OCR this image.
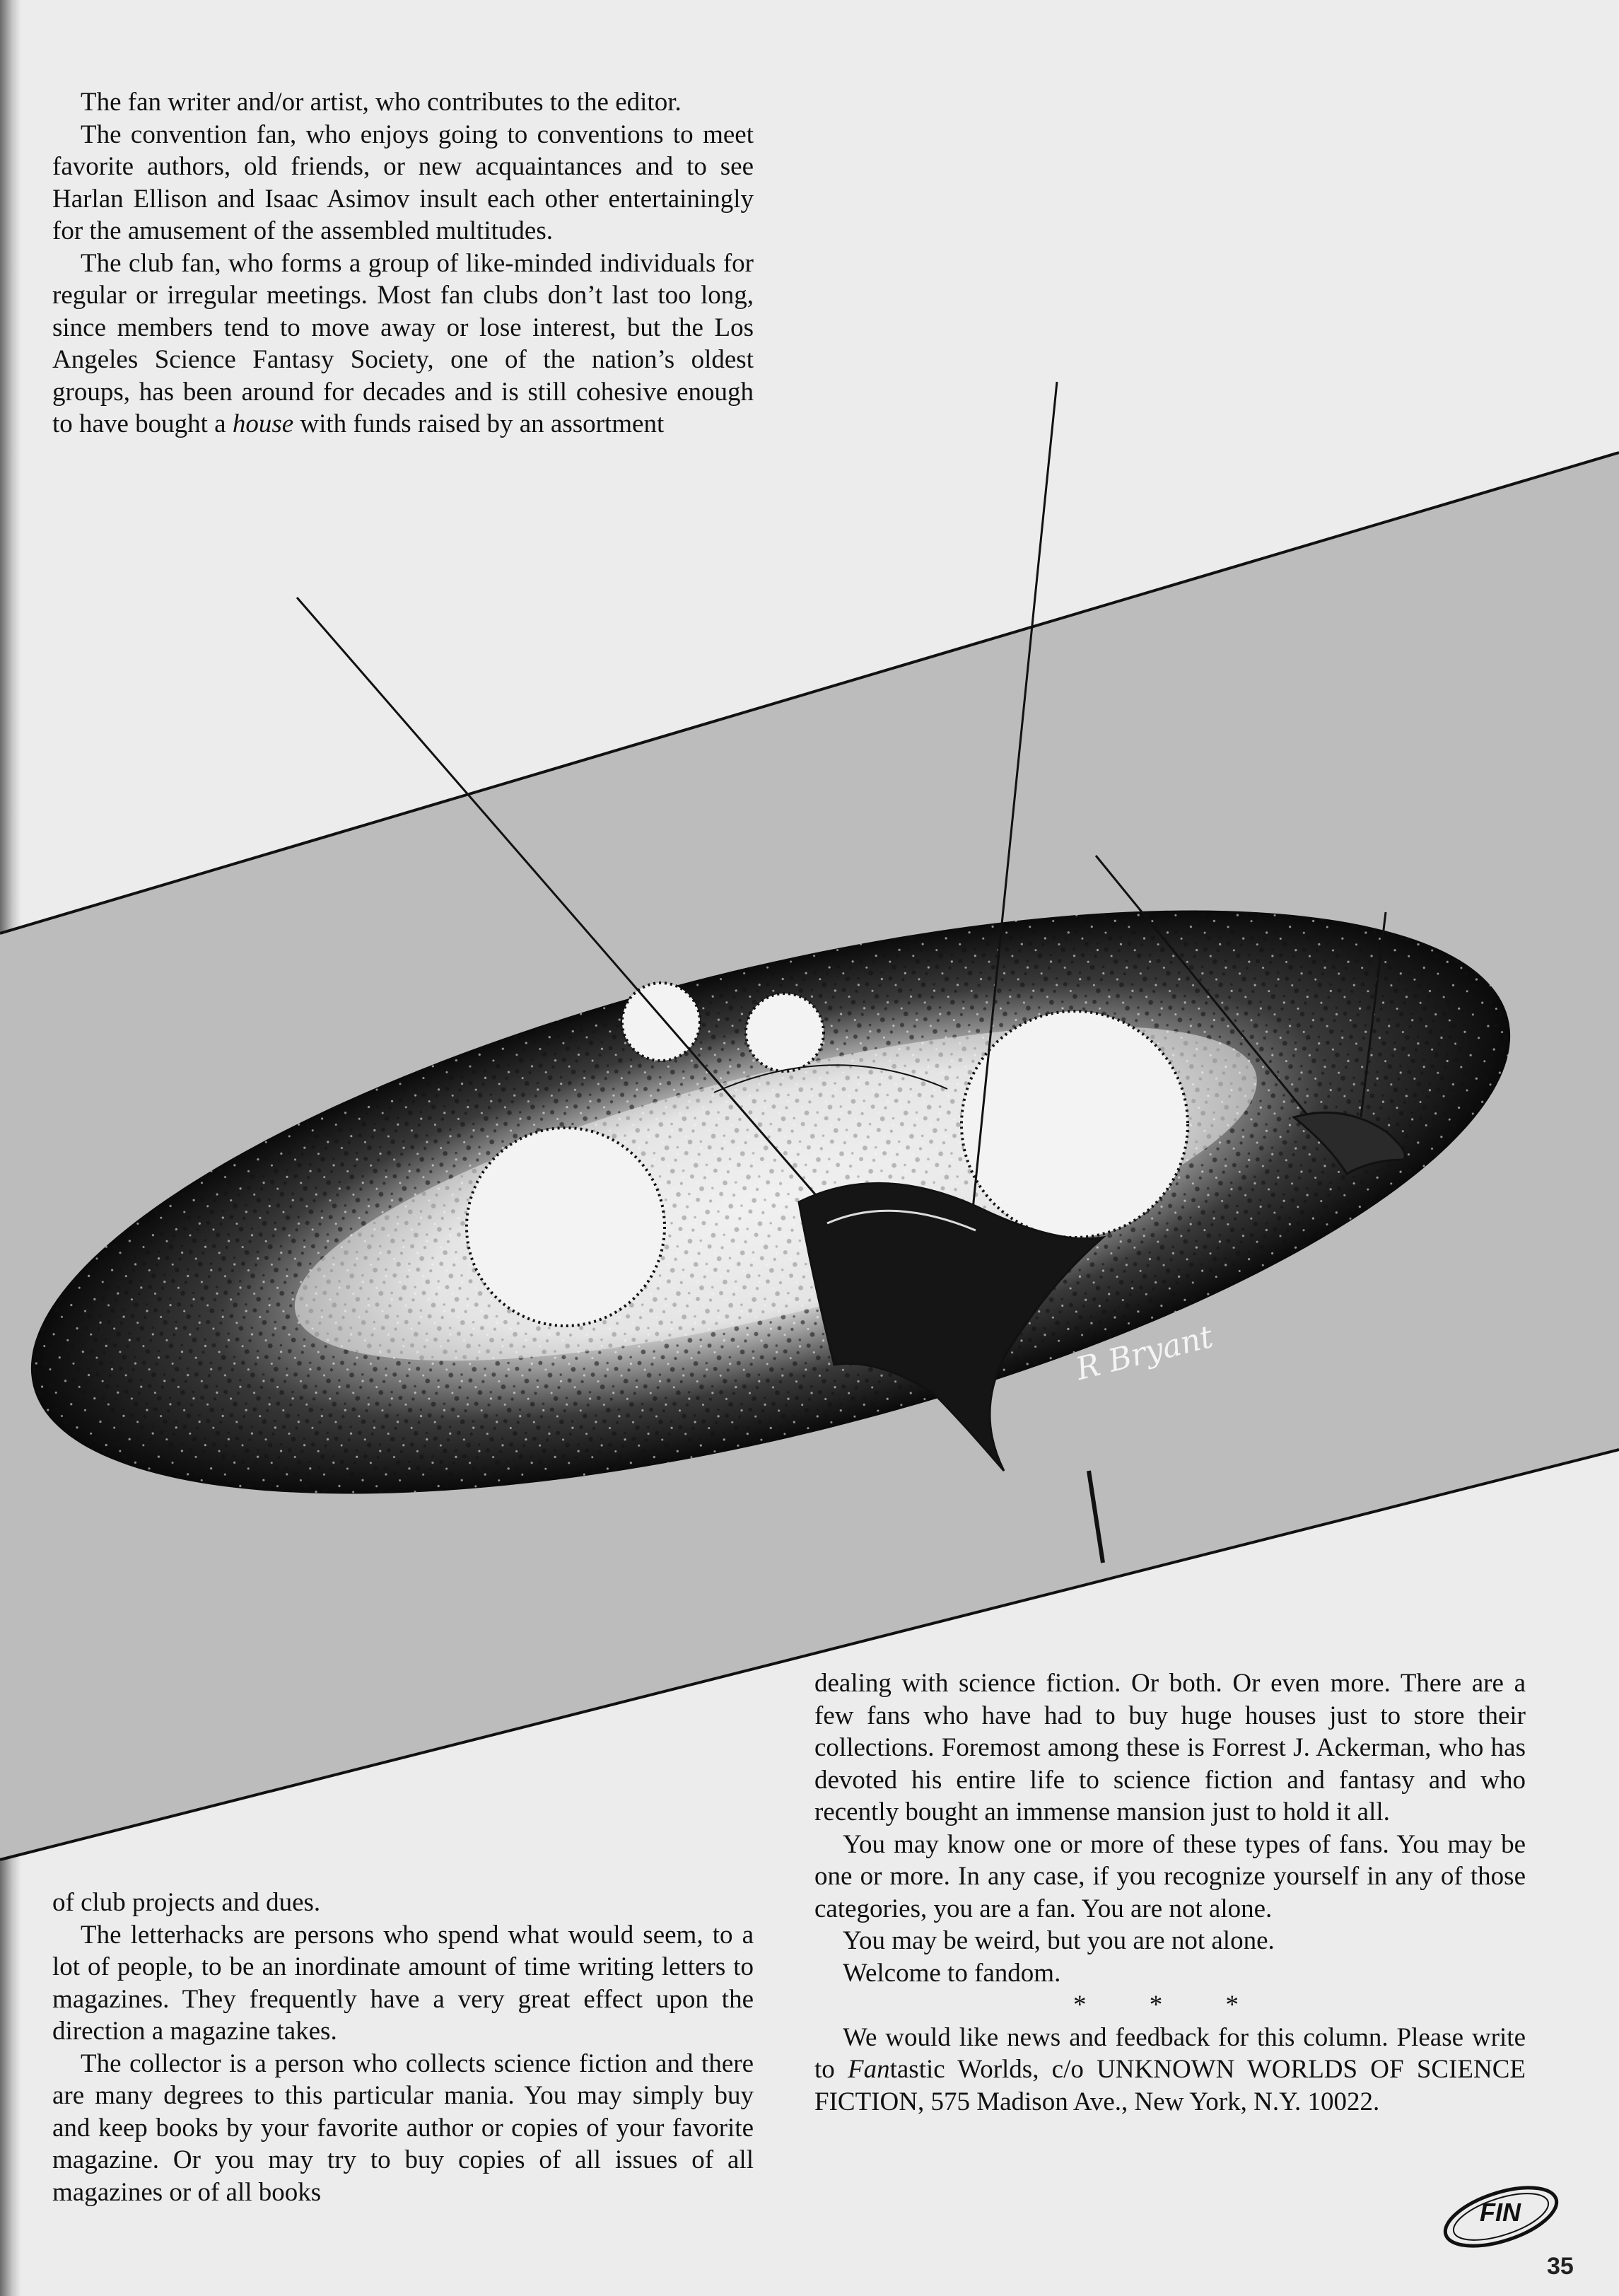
R Bryant

The fan writer and/or artist, who contributes to the editor.

The convention fan, who enjoys going to conventions to meet favorite authors, old friends, or new acquaintances and to see Harlan Ellison and Isaac Asimov insult each other entertainingly for the amusement of the assembled multitudes.

The club fan, who forms a group of like-minded individuals for regular or irregular meetings. Most fan clubs don’t last too long, since members tend to move away or lose interest, but the Los Angeles Science Fantasy Society, one of the nation’s oldest groups, has been around for decades and is still cohesive enough to have bought a house with funds raised by an assortment

of club projects and dues.

The letterhacks are persons who spend what would seem, to a lot of people, to be an inordinate amount of time writing letters to magazines. They frequently have a very great effect upon the direction a magazine takes.

The collector is a person who collects science fiction and there are many degrees to this particular mania. You may simply buy and keep books by your favorite author or copies of your favorite magazine. Or you may try to buy copies of all issues of all magazines or of all books

dealing with science fiction. Or both. Or even more. There are a few fans who have had to buy huge houses just to store their collections. Foremost among these is Forrest J. Ackerman, who has devoted his entire life to science fiction and fantasy and who recently bought an immense mansion just to hold it all.

You may know one or more of these types of fans. You may be one or more. In any case, if you recognize yourself in any of those categories, you are a fan. You are not alone.

You may be weird, but you are not alone.

Welcome to fandom.

* * *

We would like news and feedback for this column. Please write to Fantastic Worlds, c/o UNKNOWN WORLDS OF SCIENCE FICTION, 575 Madison Ave., New York, N.Y. 10022.

FIN
35
